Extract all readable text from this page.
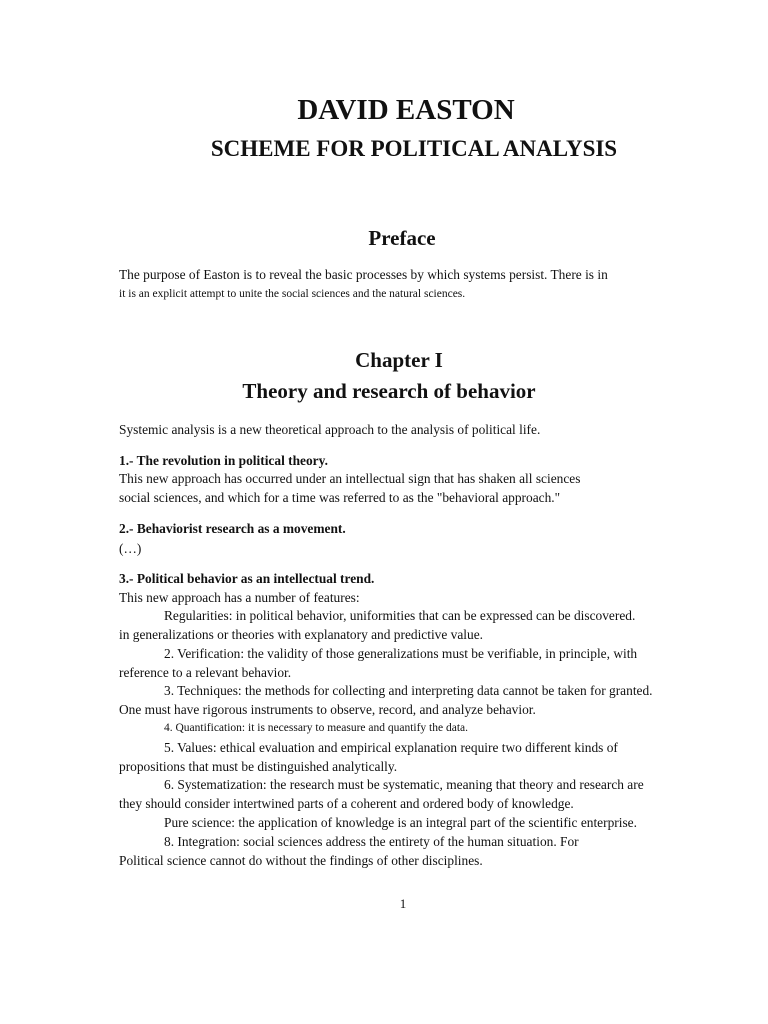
DAVID EASTON
SCHEME FOR POLITICAL ANALYSIS
Preface

The purpose of Easton is to reveal the basic processes by which systems persist. There is in

it is an explicit attempt to unite the social sciences and the natural sciences.

Chapter I
Theory and research of behavior

Systemic analysis is a new theoretical approach to the analysis of political life.

1.- The revolution in political theory.

This new approach has occurred under an intellectual sign that has shaken all sciences

social sciences, and which for a time was referred to as the "behavioral approach."

2.- Behaviorist research as a movement.

(…)

3.- Political behavior as an intellectual trend.

This new approach has a number of features:

Regularities: in political behavior, uniformities that can be expressed can be discovered.

in generalizations or theories with explanatory and predictive value.

2. Verification: the validity of those generalizations must be verifiable, in principle, with

reference to a relevant behavior.

3. Techniques: the methods for collecting and interpreting data cannot be taken for granted.

One must have rigorous instruments to observe, record, and analyze behavior.

4. Quantification: it is necessary to measure and quantify the data.

5. Values: ethical evaluation and empirical explanation require two different kinds of

propositions that must be distinguished analytically.

6. Systematization: the research must be systematic, meaning that theory and research are

they should consider intertwined parts of a coherent and ordered body of knowledge.

Pure science: the application of knowledge is an integral part of the scientific enterprise.

8. Integration: social sciences address the entirety of the human situation. For

Political science cannot do without the findings of other disciplines.

1
